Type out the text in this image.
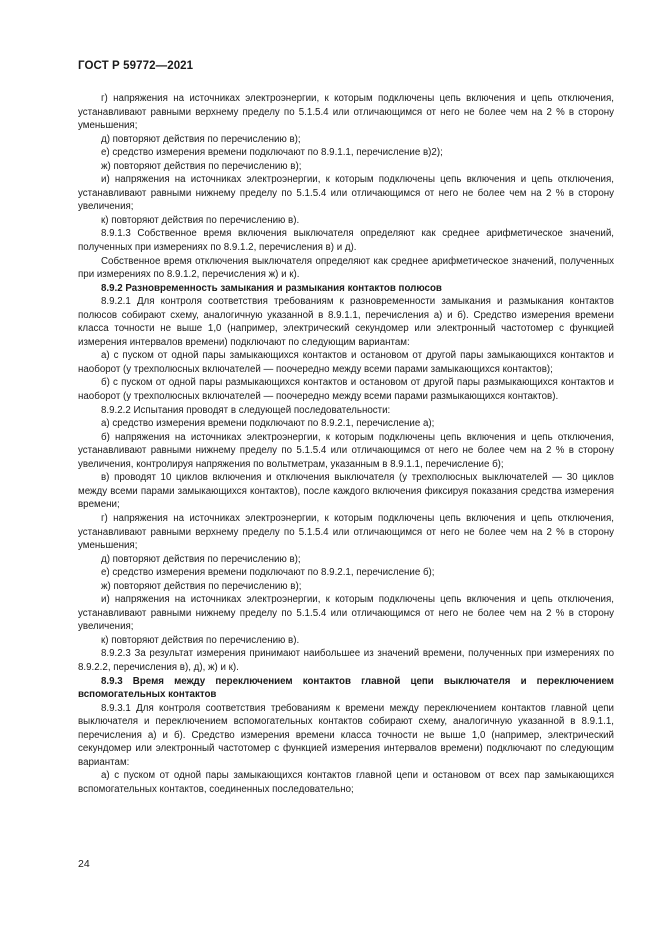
ГОСТ Р 59772—2021

г) напряжения на источниках электроэнергии, к которым подключены цепь включения и цепь отключения, устанавливают равными верхнему пределу по 5.1.5.4 или отличающимся от него не более чем на 2 % в сторону уменьшения;

д) повторяют действия по перечислению в);

е) средство измерения времени подключают по 8.9.1.1, перечисление в)2);

ж) повторяют действия по перечислению в);

и) напряжения на источниках электроэнергии, к которым подключены цепь включения и цепь отключения, устанавливают равными нижнему пределу по 5.1.5.4 или отличающимся от него не более чем на 2 % в сторону увеличения;

к) повторяют действия по перечислению в).

8.9.1.3 Собственное время включения выключателя определяют как среднее арифметическое значений, полученных при измерениях по 8.9.1.2, перечисления в) и д).

Собственное время отключения выключателя определяют как среднее арифметическое значений, полученных при измерениях по 8.9.1.2, перечисления ж) и к).

8.9.2 Разновременность замыкания и размыкания контактов полюсов

8.9.2.1 Для контроля соответствия требованиям к разновременности замыкания и размыкания контактов полюсов собирают схему, аналогичную указанной в 8.9.1.1, перечисления а) и б). Средство измерения времени класса точности не выше 1,0 (например, электрический секундомер или электронный частотомер с функцией измерения интервалов времени) подключают по следующим вариантам:

а) с пуском от одной пары замыкающихся контактов и остановом от другой пары замыкающихся контактов и наоборот (у трехполюсных включателей — поочередно между всеми парами замыкающихся контактов);

б) с пуском от одной пары размыкающихся контактов и остановом от другой пары размыкающихся контактов и наоборот (у трехполюсных включателей — поочередно между всеми парами размыкающихся контактов).

8.9.2.2 Испытания проводят в следующей последовательности:

а) средство измерения времени подключают по 8.9.2.1, перечисление а);

б) напряжения на источниках электроэнергии, к которым подключены цепь включения и цепь отключения, устанавливают равными нижнему пределу по 5.1.5.4 или отличающимся от него не более чем на 2 % в сторону увеличения, контролируя напряжения по вольтметрам, указанным в 8.9.1.1, перечисление б);

в) проводят 10 циклов включения и отключения выключателя (у трехполюсных выключателей — 30 циклов между всеми парами замыкающихся контактов), после каждого включения фиксируя показания средства измерения времени;

г) напряжения на источниках электроэнергии, к которым подключены цепь включения и цепь отключения, устанавливают равными верхнему пределу по 5.1.5.4 или отличающимся от него не более чем на 2 % в сторону уменьшения;

д) повторяют действия по перечислению в);

е) средство измерения времени подключают по 8.9.2.1, перечисление б);

ж) повторяют действия по перечислению в);

и) напряжения на источниках электроэнергии, к которым подключены цепь включения и цепь отключения, устанавливают равными нижнему пределу по 5.1.5.4 или отличающимся от него не более чем на 2 % в сторону увеличения;

к) повторяют действия по перечислению в).

8.9.2.3 За результат измерения принимают наибольшее из значений времени, полученных при измерениях по 8.9.2.2, перечисления в), д), ж) и к).

8.9.3 Время между переключением контактов главной цепи выключателя и переключением вспомогательных контактов

8.9.3.1 Для контроля соответствия требованиям к времени между переключением контактов главной цепи выключателя и переключением вспомогательных контактов собирают схему, аналогичную указанной в 8.9.1.1, перечисления а) и б). Средство измерения времени класса точности не выше 1,0 (например, электрический секундомер или электронный частотомер с функцией измерения интервалов времени) подключают по следующим вариантам:

а) с пуском от одной пары замыкающихся контактов главной цепи и остановом от всех пар замыкающихся вспомогательных контактов, соединенных последовательно;

24
